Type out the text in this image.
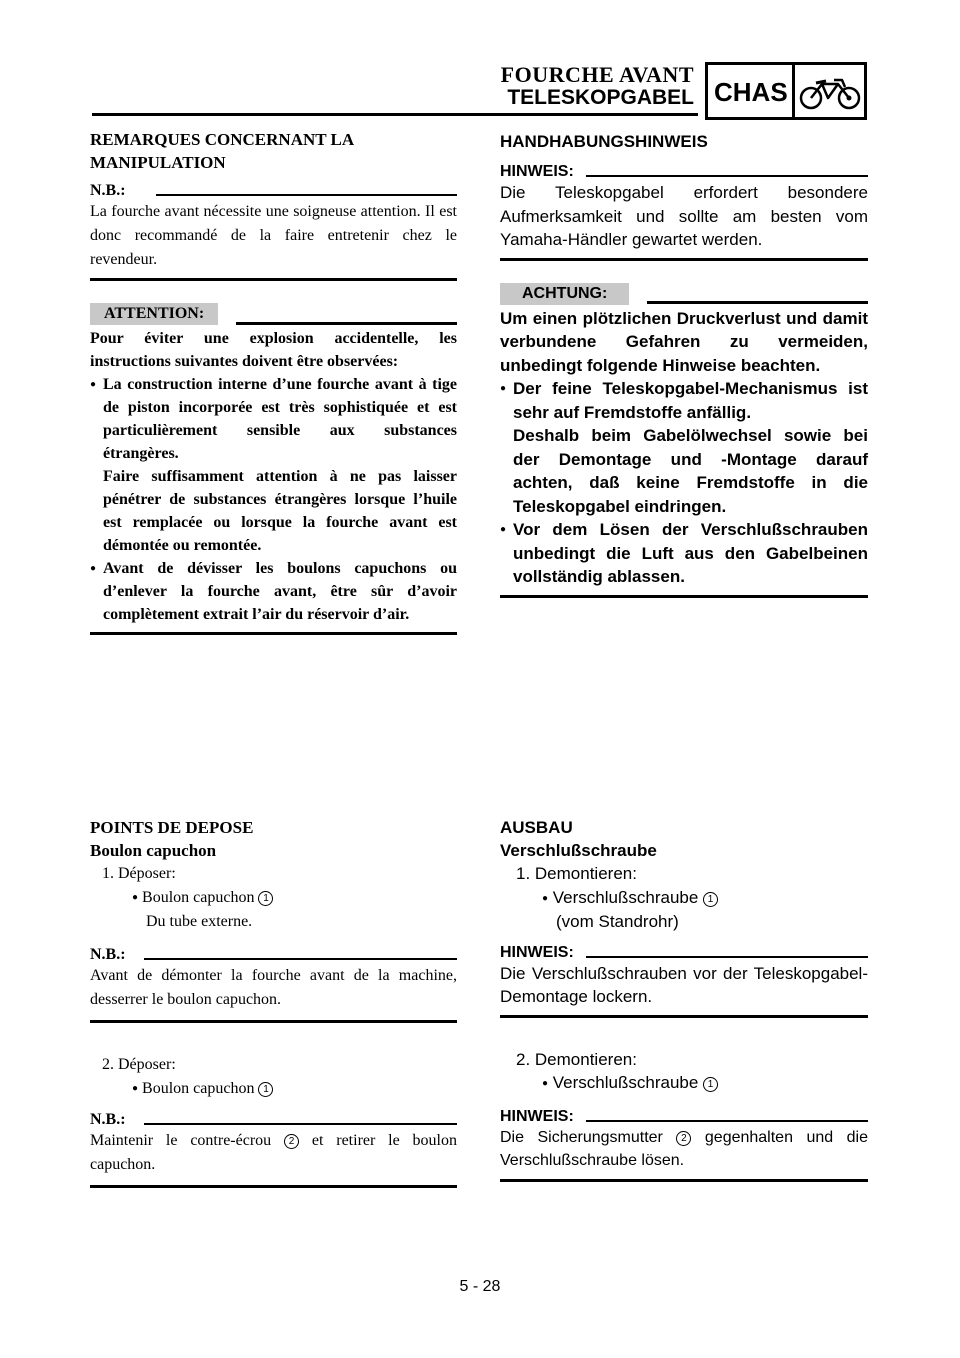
FOURCHE AVANT
TELESKOPGABEL CHAS
REMARQUES CONCERNANT LA
MANIPULATION
N.B.:
La fourche avant nécessite une soigneuse attention. Il est donc recommandé de la faire entretenir chez le revendeur.
ATTENTION:
Pour éviter une explosion accidentelle, les instructions suivantes doivent être observées:
● La construction interne d’une fourche avant à tige de piston incorporée est très sophistiquée et est particulièrement sensible aux substances étrangères.
Faire suffisamment attention à ne pas laisser pénétrer de substances étrangères lorsque l’huile est remplacée ou lorsque la fourche avant est démontée ou remontée.
● Avant de dévisser les boulons capuchons ou d’enlever la fourche avant, être sûr d’avoir complètement extrait l’air du réservoir d’air.
HANDHABUNGSHINWEIS
HINWEIS:
Die Teleskopgabel erfordert besondere Aufmerksamkeit und sollte am besten vom Yamaha-Händler gewartet werden.
ACHTUNG:
Um einen plötzlichen Druckverlust und damit verbundene Gefahren zu vermeiden, unbedingt folgende Hinweise beachten.
● Der feine Teleskopgabel-Mechanismus ist sehr auf Fremdstoffe anfällig.
Deshalb beim Gabelölwechsel sowie bei der Demontage und -Montage darauf achten, daß keine Fremdstoffe in die Teleskopgabel eindringen.
● Vor dem Lösen der Verschlußschrauben unbedingt die Luft aus den Gabelbeinen vollständig ablassen.
POINTS DE DEPOSE
Boulon capuchon
1. Déposer:
● Boulon capuchon 1
Du tube externe.
N.B.:
Avant de démonter la fourche avant de la machine, desserrer le boulon capuchon.
2. Déposer:
● Boulon capuchon 1
N.B.:
Maintenir le contre-écrou 2 et retirer le boulon capuchon.
AUSBAU
Verschlußschraube
1. Demontieren:
● Verschlußschraube 1
(vom Standrohr)
HINWEIS:
Die Verschlußschrauben vor der Teleskopgabel-Demontage lockern.
2. Demontieren:
● Verschlußschraube 1
HINWEIS:
Die Sicherungsmutter 2 gegenhalten und die Verschlußschraube lösen.
5 - 28
